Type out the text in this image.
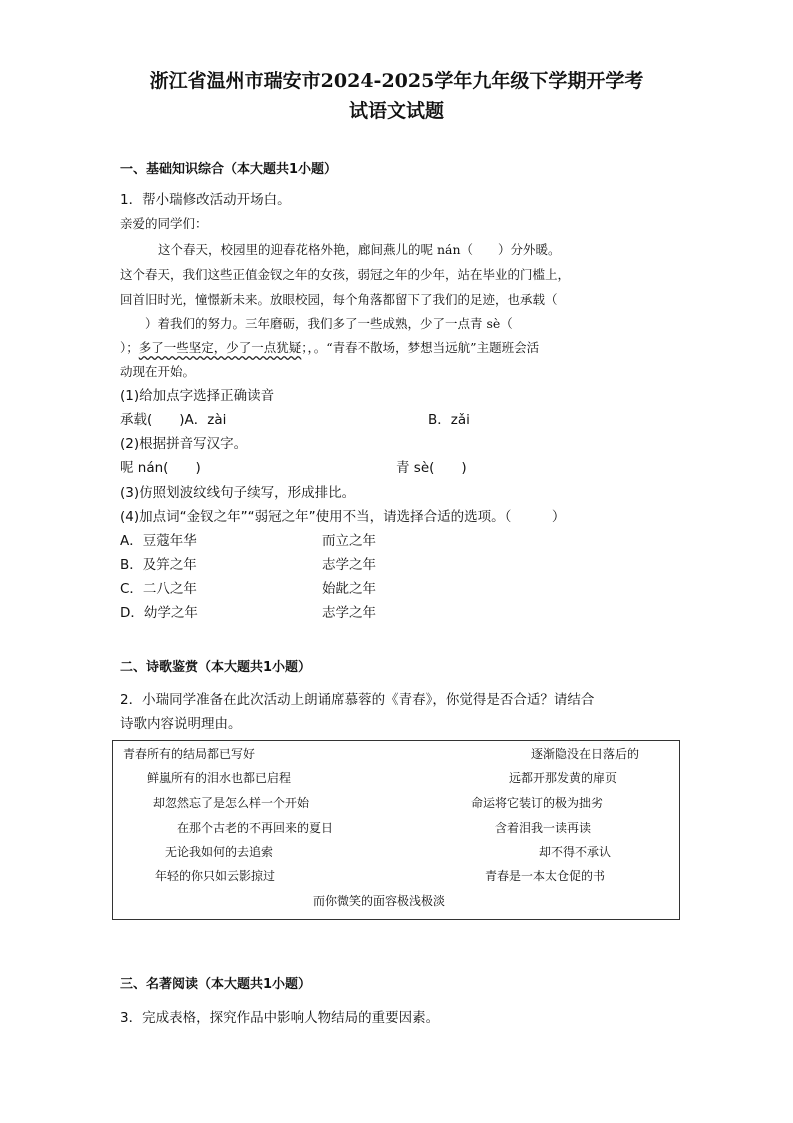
浙江省温州市瑞安市2024-2025学年九年级下学期开学考
试语文试题
一、基础知识综合（本大题共1小题）
1．帮小瑞修改活动开场白。
亲爱的同学们：
这个春天，校园里的迎春花格外艳，廊间燕儿的呢 nán（　　）分外暖。
这个春天，我们这些正值金钗之年的女孩，弱冠之年的少年，站在毕业的门槛上，
回首旧时光，憧憬新未来。放眼校园，每个角落都留下了我们的足迹，也承载（
　　）着我们的努力。三年磨砺，我们多了一些成熟，少了一点青 sè（
）；多了一些坚定，少了一点犹疑；，。“青春不散场，梦想当远航”主题班会活
动现在开始。
(1)给加点字选择正确读音
承载(　　)A．zài	B．zǎi
(2)根据拼音写汉字。
呢 nán(　　)	青 sè(　　)
(3)仿照划波纹线句子续写，形成排比。
(4)加点词“金钗之年”“弱冠之年”使用不当，请选择合适的选项。（　　　）
A．豆蔻年华	而立之年
B．及笄之年	志学之年
C．二八之年	始龀之年
D．幼学之年	志学之年
二、诗歌鉴赏（本大题共1小题）
2．小瑞同学准备在此次活动上朗诵席慕蓉的《青春》，你觉得是否合适？请结合
诗歌内容说明理由。
青春所有的结局都已写好
鲜嵐所有的泪水也都已启程
却忽然忘了是怎么样一个开始
在那个古老的不再回来的夏日
无论我如何的去追索
年轻的你只如云影掠过
逐渐隐没在日落后的
远都开那发黄的扉页
命运将它装订的极为拙劣
含着泪我一读再读
却不得不承认
青春是一本太仓促的书
而你微笑的面容极浅极淡
三、名著阅读（本大题共1小题）
3．完成表格，探究作品中影响人物结局的重要因素。
